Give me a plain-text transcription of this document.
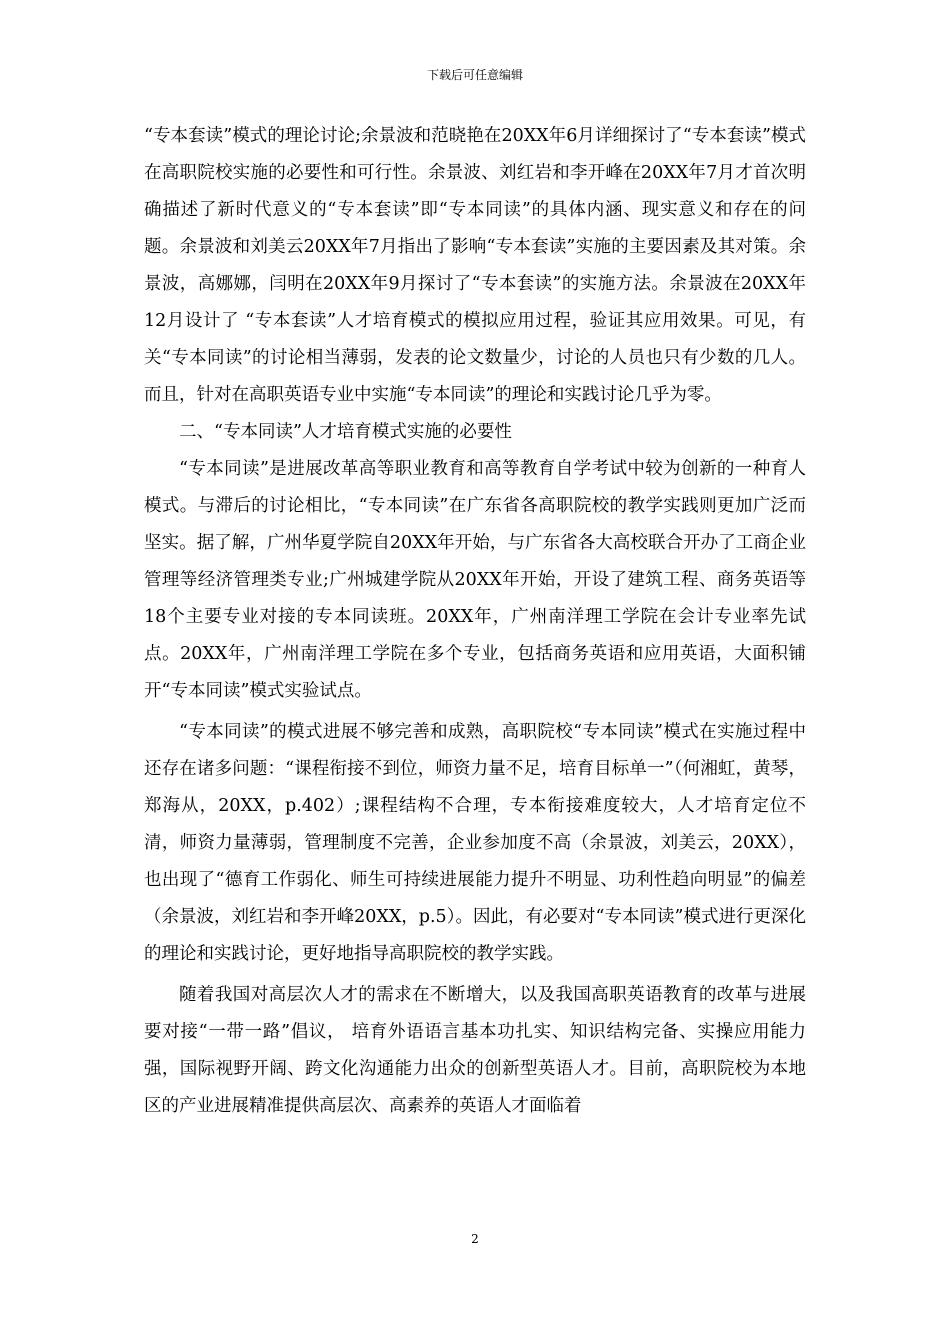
下载后可任意编辑

“专本套读”模式的理论讨论;余景波和范晓艳在20XX年6月详细探讨了“专本套读”模式在高职院校实施的必要性和可行性。余景波、刘红岩和李开峰在20XX年7月才首次明确描述了新时代意义的“专本套读”即“专本同读”的具体内涵、现实意义和存在的问题。余景波和刘美云20XX年7月指出了影响“专本套读”实施的主要因素及其对策。余景波，高娜娜，闫明在20XX年9月探讨了“专本套读”的实施方法。余景波在20XX年12月设计了 “专本套读”人才培育模式的模拟应用过程，验证其应用效果。可见，有关“专本同读”的讨论相当薄弱，发表的论文数量少，讨论的人员也只有少数的几人。而且，针对在高职英语专业中实施“专本同读”的理论和实践讨论几乎为零。

二、“专本同读”人才培育模式实施的必要性

“专本同读”是进展改革高等职业教育和高等教育自学考试中较为创新的一种育人模式。与滞后的讨论相比，“专本同读”在广东省各高职院校的教学实践则更加广泛而坚实。据了解，广州华夏学院自20XX年开始，与广东省各大高校联合开办了工商企业管理等经济管理类专业;广州城建学院从20XX年开始，开设了建筑工程、商务英语等18个主要专业对接的专本同读班。20XX年，广州南洋理工学院在会计专业率先试点。20XX年，广州南洋理工学院在多个专业，包括商务英语和应用英语，大面积铺开“专本同读”模式实验试点。

“专本同读”的模式进展不够完善和成熟，高职院校“专本同读”模式在实施过程中还存在诸多问题：“课程衔接不到位，师资力量不足，培育目标单一”（何湘虹，黄琴，郑海从，20XX，p.402）;课程结构不合理，专本衔接难度较大，人才培育定位不清，师资力量薄弱，管理制度不完善，企业参加度不高（余景波，刘美云，20XX），也出现了“德育工作弱化、师生可持续进展能力提升不明显、功利性趋向明显”的偏差（余景波，刘红岩和李开峰20XX，p.5）。因此，有必要对“专本同读”模式进行更深化的理论和实践讨论，更好地指导高职院校的教学实践。

随着我国对高层次人才的需求在不断增大，以及我国高职英语教育的改革与进展要对接“一带一路”倡议， 培育外语语言基本功扎实、知识结构完备、实操应用能力强，国际视野开阔、跨文化沟通能力出众的创新型英语人才。目前，高职院校为本地区的产业进展精准提供高层次、高素养的英语人才面临着

2
